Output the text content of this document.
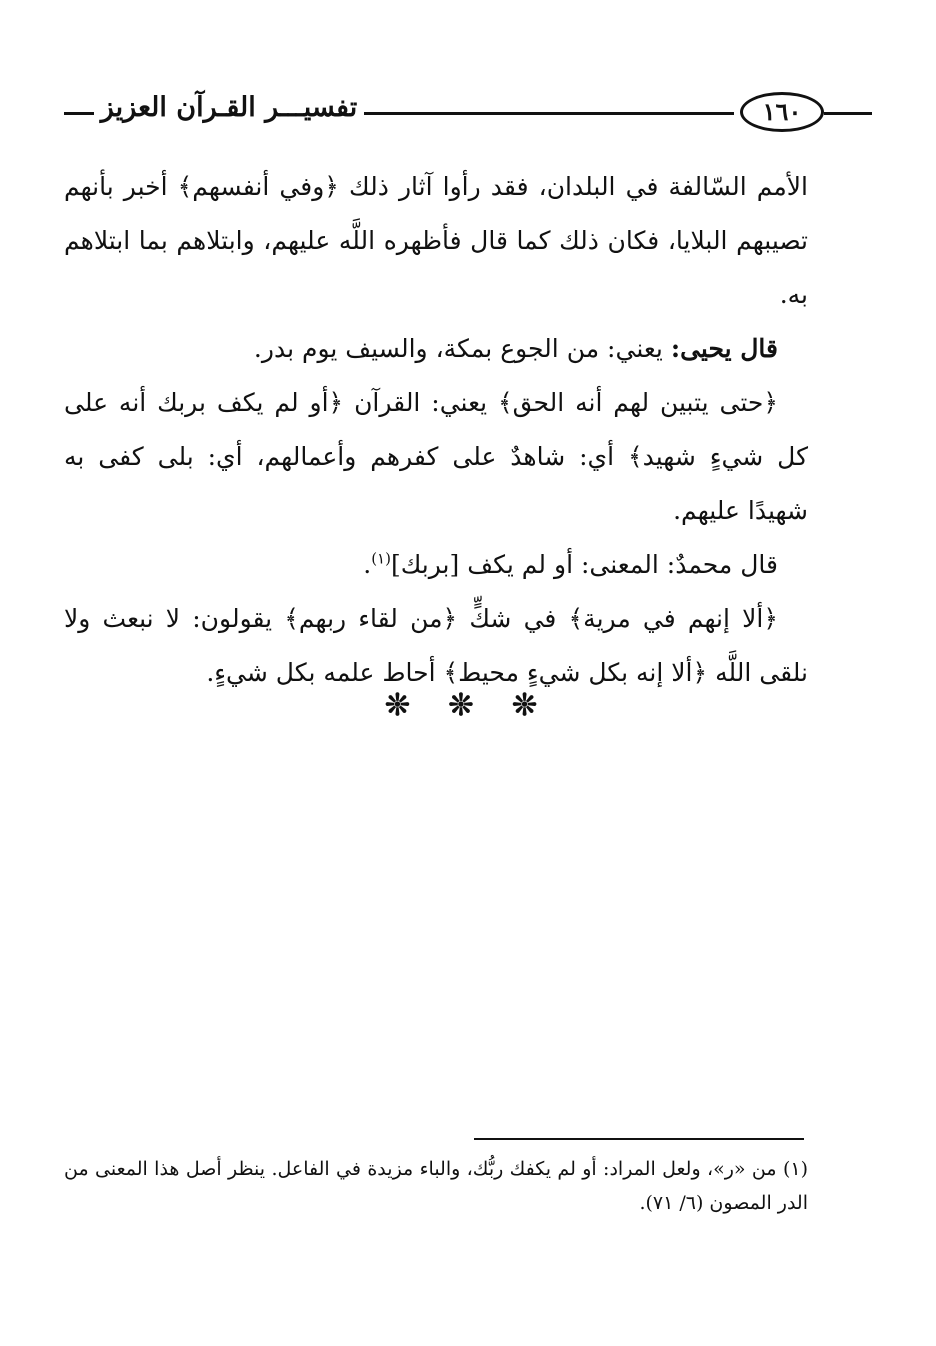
تفسيـــر القـرآن العزيز	١٦٠

الأمم السّالفة في البلدان، فقد رأوا آثار ذلك ﴿وفي أنفسهم﴾ أخبر بأنهم تصيبهم البلايا، فكان ذلك كما قال فأظهره اللَّه عليهم، وابتلاهم بما ابتلاهم به.

قال يحيى: يعني: من الجوع بمكة، والسيف يوم بدر.

﴿حتى يتبين لهم أنه الحق﴾ يعني: القرآن ﴿أو لم يكف بربك أنه على كل شيءٍ شهيد﴾ أي: شاهدٌ على كفرهم وأعمالهم، أي: بلى كفى به شهيدًا عليهم.

قال محمدٌ: المعنى: أو لم يكف [بربك]$^{(١)}$.

﴿ألا إنهم في مرية﴾ في شكٍّ ﴿من لقاء ربهم﴾ يقولون: لا نبعث ولا نلقى اللَّه ﴿ألا إنه بكل شيءٍ محيط﴾ أحاط علمه بكل شيءٍ.

❊ ❊ ❊

(١) من «ر»، ولعل المراد: أو لم يكفك ربُّك، والباء مزيدة في الفاعل. ينظر أصل هذا المعنى من الدر المصون (٦/ ٧١).
